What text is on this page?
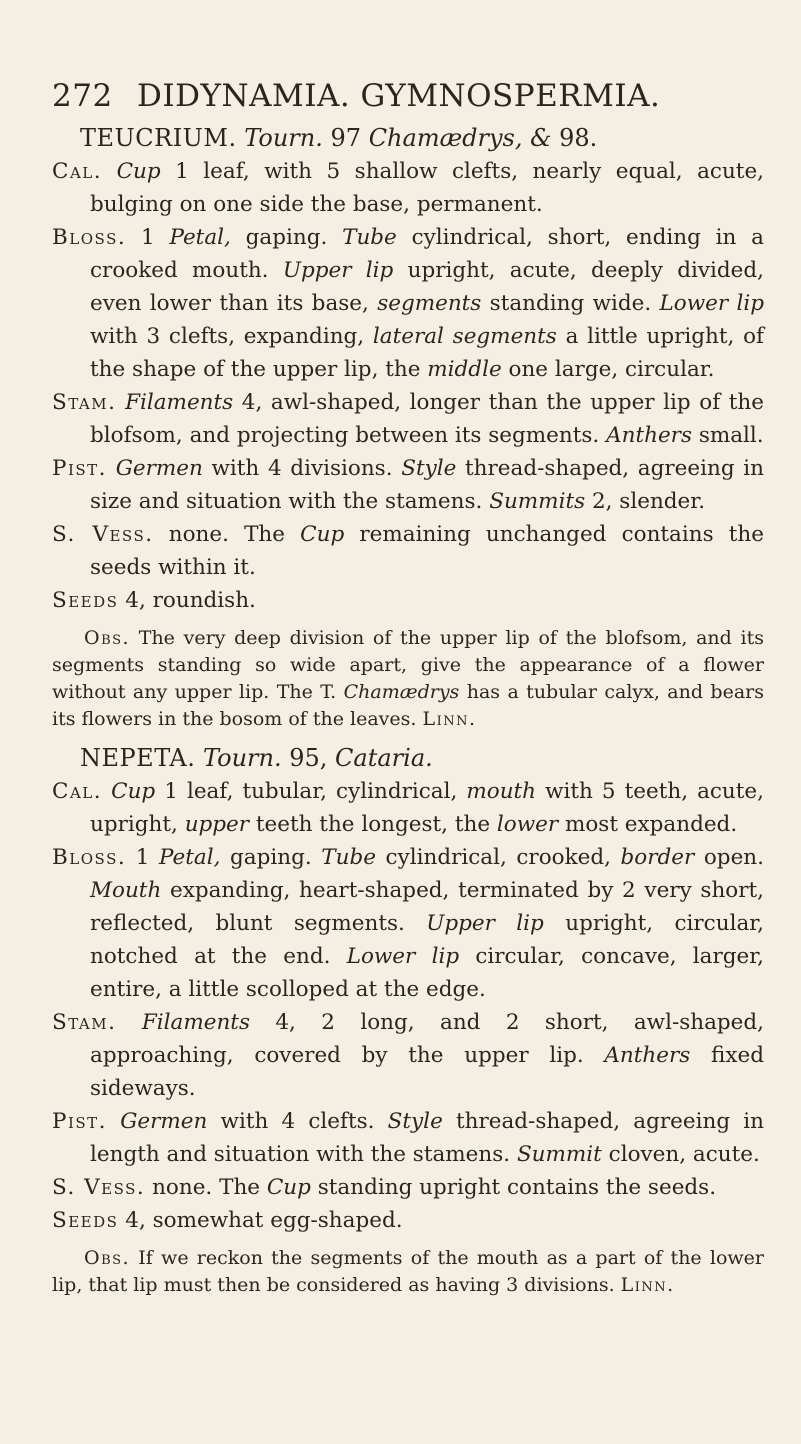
272 DIDYNAMIA. GYMNOSPERMIA.
TEUCRIUM. Tourn. 97 Chamædrys, & 98.
Cal. Cup 1 leaf, with 5 shallow clefts, nearly equal, acute, bulging on one side the base, permanent.
Bloss. 1 Petal, gaping. Tube cylindrical, short, ending in a crooked mouth. Upper lip upright, acute, deeply divided, even lower than its base, segments standing wide. Lower lip with 3 clefts, expanding, lateral segments a little upright, of the shape of the upper lip, the middle one large, circular.
Stam. Filaments 4, awl-shaped, longer than the upper lip of the blofsom, and projecting between its segments. Anthers small.
Pist. Germen with 4 divisions. Style thread-shaped, agreeing in size and situation with the stamens. Summits 2, slender.
S. Vess. none. The Cup remaining unchanged contains the seeds within it.
Seeds 4, roundish.
Obs. The very deep division of the upper lip of the blofsom, and its segments standing so wide apart, give the appearance of a flower without any upper lip. The T. Chamædrys has a tubular calyx, and bears its flowers in the bosom of the leaves. Linn.
NEPETA. Tourn. 95, Cataria.
Cal. Cup 1 leaf, tubular, cylindrical, mouth with 5 teeth, acute, upright, upper teeth the longest, the lower most expanded.
Bloss. 1 Petal, gaping. Tube cylindrical, crooked, border open. Mouth expanding, heart-shaped, terminated by 2 very short, reflected, blunt segments. Upper lip upright, circular, notched at the end. Lower lip circular, concave, larger, entire, a little scolloped at the edge.
Stam. Filaments 4, 2 long, and 2 short, awl-shaped, approaching, covered by the upper lip. Anthers fixed sideways.
Pist. Germen with 4 clefts. Style thread-shaped, agreeing in length and situation with the stamens. Summit cloven, acute.
S. Vess. none. The Cup standing upright contains the seeds.
Seeds 4, somewhat egg-shaped.
Obs. If we reckon the segments of the mouth as a part of the lower lip, that lip must then be considered as having 3 divisions. Linn.
